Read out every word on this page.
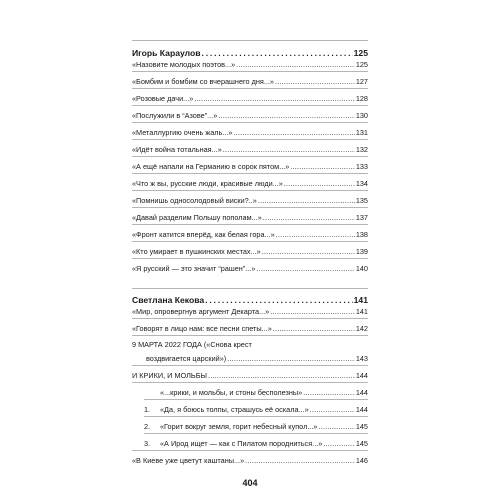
Игорь Караулов .....	125
«Назовите молодых поэтов...» .....	125
«Бомбим и бомбим со вчерашнего дня...» .....	127
«Розовые дачи...» .....	128
«Послужили в “Азове”...» .....	130
«Металлургию очень жаль...» .....	131
«Идёт война тотальная...» .....	132
«А ещё напали на Германию в сорок пятом...» .....	133
«Что ж вы, русские люди, красивые люди...» .....	134
«Помнишь односолодовый виски?..» .....	135
«Давай разделим Польшу пополам...» .....	137
«Фронт катится вперёд, как белая гора...» .....	138
«Кто умирает в пушкинских местах...» .....	139
«Я русский — это значит “рашен”...» .....	140
Светлана Кекова .....	141
«Мир, опровергнув аргумент Декарта...» .....	141
«Говорят в лицо нам: все песни спеты...» .....	142
9 МАРТА 2022 ГОДА («Снова крест
воздвигается царский») .....	143
И КРИКИ, И МОЛЬБЫ .....	144
«...крики, и мольбы, и стоны бесполезны» .....	144
1.	«Да, я боюсь толпы, страшусь её оскала...» .....	144
2.	«Горит вокруг земля, горит небесный купол...» .....	145
3.	«А Ирод ищет — как с Пилатом породниться...» .....	145
«В Киеве уже цветут каштаны...» .....	146
404
